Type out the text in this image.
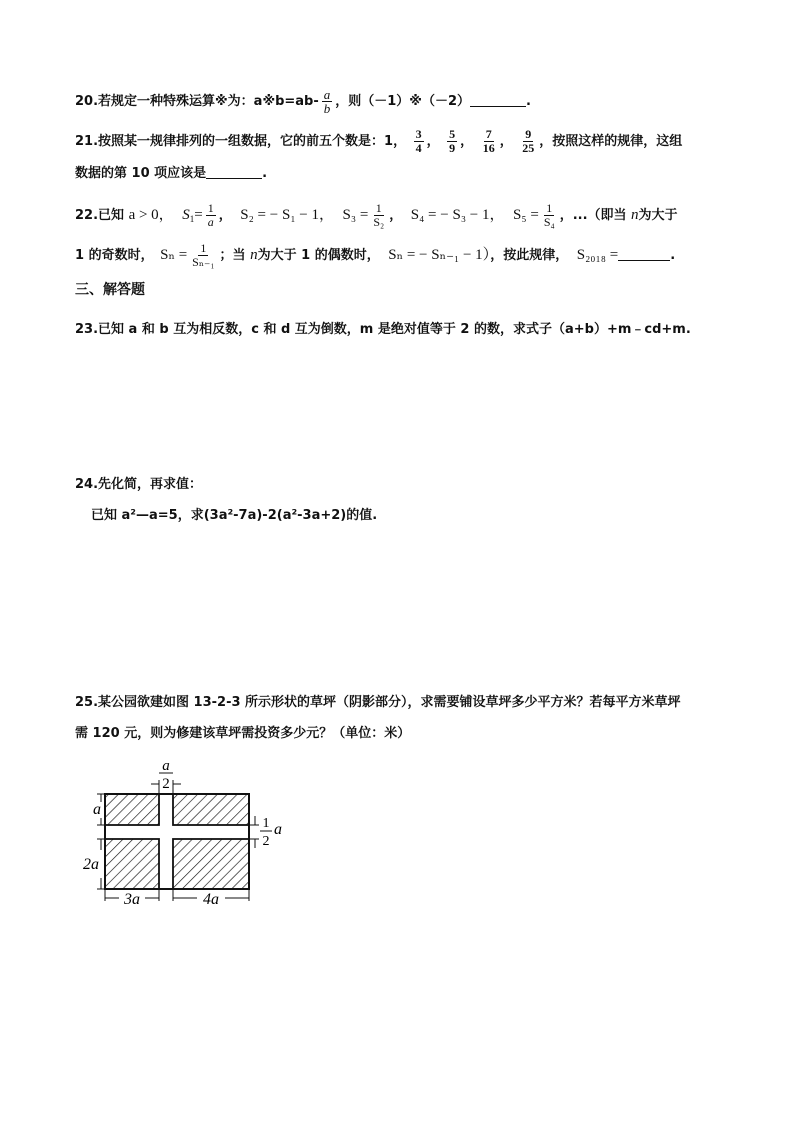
20.若规定一种特殊运算※为：a※b=ab- $\frac{a}{b}$ ，则（－1）※（－2）	.
21.按照某一规律排列的一组数据，它的前五个数是：1， $\frac{3}{4}$ ， $\frac{5}{9}$ ， $\frac{7}{16}$ ， $\frac{9}{25}$ ，按照这样的规律，这组
数据的第 10 项应该是	.
22.已知 a > 0， $S_1= \frac{1}{a}$ ， S₂ = − S₁ − 1， $S_3 = \frac{1}{\text{S₂}}$ ， S₄ = − S₃ − 1， $S_5 = \frac{1}{\text{S₄}}$ ，...（即当 n为大于
1 的奇数时， $S_n = \frac{1}{\text{Sₙ₋₁}}$ ；当 n为大于 1 的偶数时， Sₙ = − Sₙ₋₁ − 1），按此规律， S₂₀₁₈ =	.
三、解答题
23.已知 a 和 b 互为相反数，c 和 d 互为倒数，m 是绝对值等于 2 的数，求式子（a+b）+m﹣cd+m.
24.先化简，再求值：
已知 a²—a=5，求(3a²-7a)-2(a²-3a+2)的值.
25.某公园欲建如图 13-2-3 所示形状的草坪（阴影部分），求需要铺设草坪多少平方米？若每平方米草坪
需 120 元，则为修建该草坪需投资多少元？（单位：米）
a
2
a
2a
1
2
a
3a	4a
